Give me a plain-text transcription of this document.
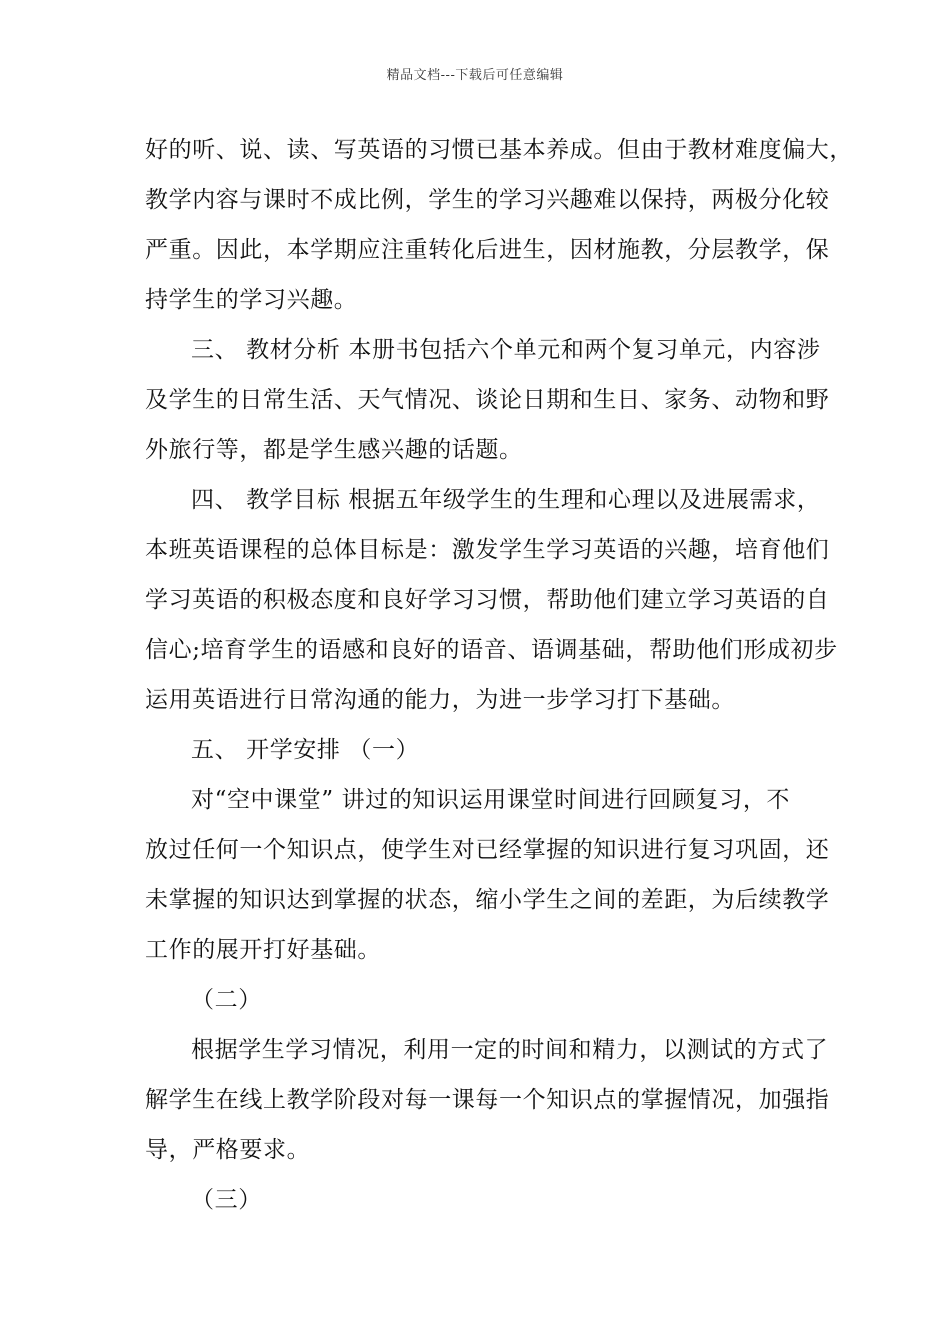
精品文档---下载后可任意编辑
好的听、说、读、写英语的习惯已基本养成。但由于教材难度偏大，
教学内容与课时不成比例，学生的学习兴趣难以保持，两极分化较
严重。因此，本学期应注重转化后进生，因材施教，分层教学，保
持学生的学习兴趣。
三、 教材分析 本册书包括六个单元和两个复习单元，内容涉
及学生的日常生活、天气情况、谈论日期和生日、家务、动物和野
外旅行等，都是学生感兴趣的话题。
四、 教学目标 根据五年级学生的生理和心理以及进展需求，
本班英语课程的总体目标是：激发学生学习英语的兴趣，培育他们
学习英语的积极态度和良好学习习惯，帮助他们建立学习英语的自
信心;培育学生的语感和良好的语音、语调基础，帮助他们形成初步
运用英语进行日常沟通的能力，为进一步学习打下基础。
五、 开学安排 （一）
对“空中课堂” 讲过的知识运用课堂时间进行回顾复习，不
放过任何一个知识点，使学生对已经掌握的知识进行复习巩固，还
未掌握的知识达到掌握的状态，缩小学生之间的差距，为后续教学
工作的展开打好基础。
（二）
根据学生学习情况，利用一定的时间和精力，以测试的方式了
解学生在线上教学阶段对每一课每一个知识点的掌握情况，加强指
导，严格要求。
（三）
